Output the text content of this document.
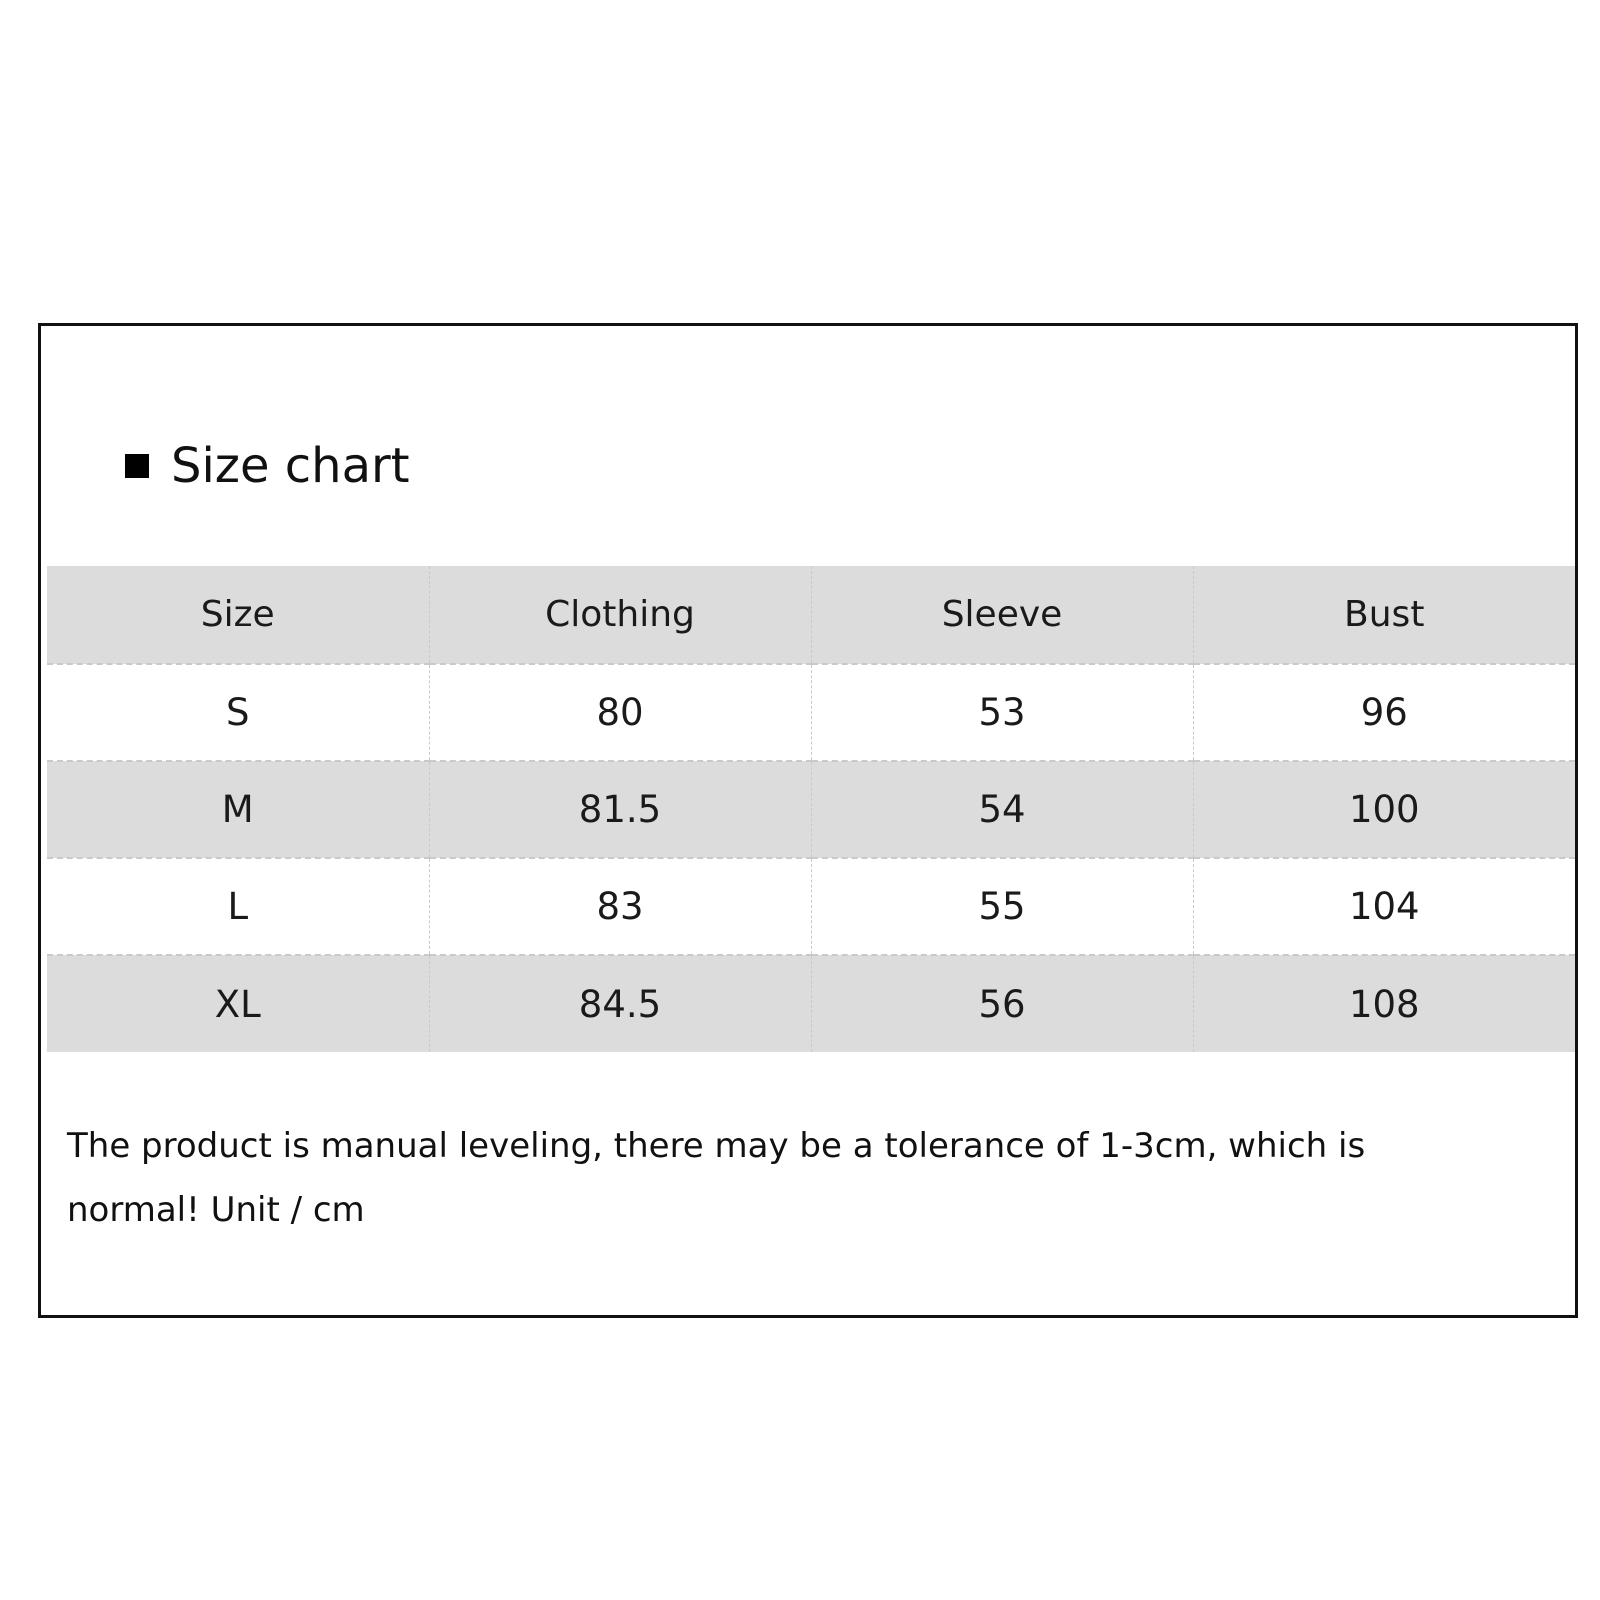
Size chart
Size	Clothing	Sleeve	Bust
S	80	53	96
M	81.5	54	100
L	83	55	104
XL	84.5	56	108
The product is manual leveling, there may be a tolerance of 1-3cm, which is normal! Unit / cm
